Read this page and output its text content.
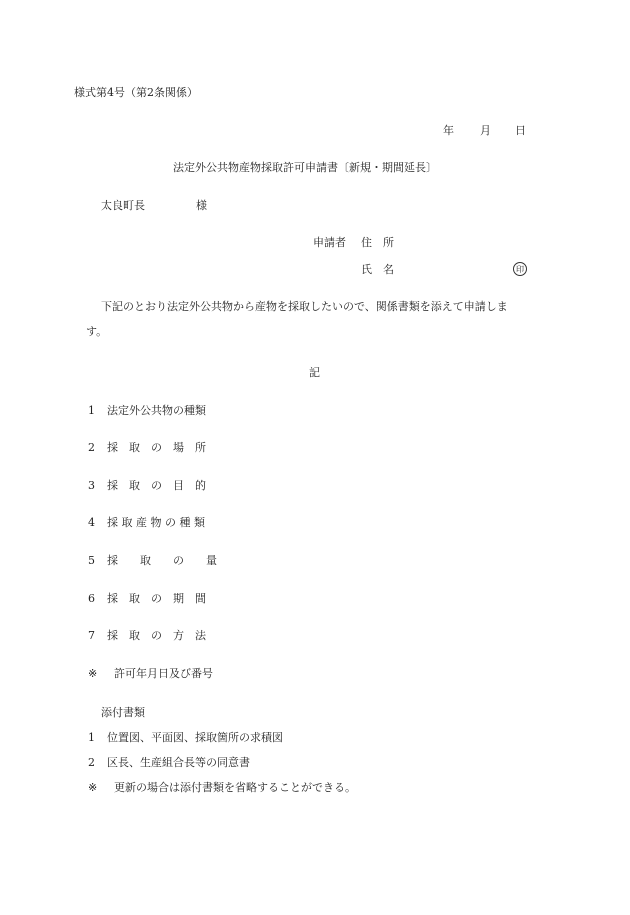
様式第4号（第2条関係）
年 月 日
法定外公共物産物採取許可申請書〔新規・期間延長〕
太良町長	様
申請者 住　所
氏　名	印
下記のとおり法定外公共物から産物を採取したいので、関係書類を添えて申請しま
す。
記
1 法定外公共物の種類
2 採　取　の　場　所
3 採　取　の　目　的
4 採 取 産 物 の 種 類
5 採　　取　　の　　量
6 採　取　の　期　間
7 採　取　の　方　法
※ 許可年月日及び番号
添付書類
1 位置図、平面図、採取箇所の求積図
2 区長、生産組合長等の同意書
※ 更新の場合は添付書類を省略することができる。
